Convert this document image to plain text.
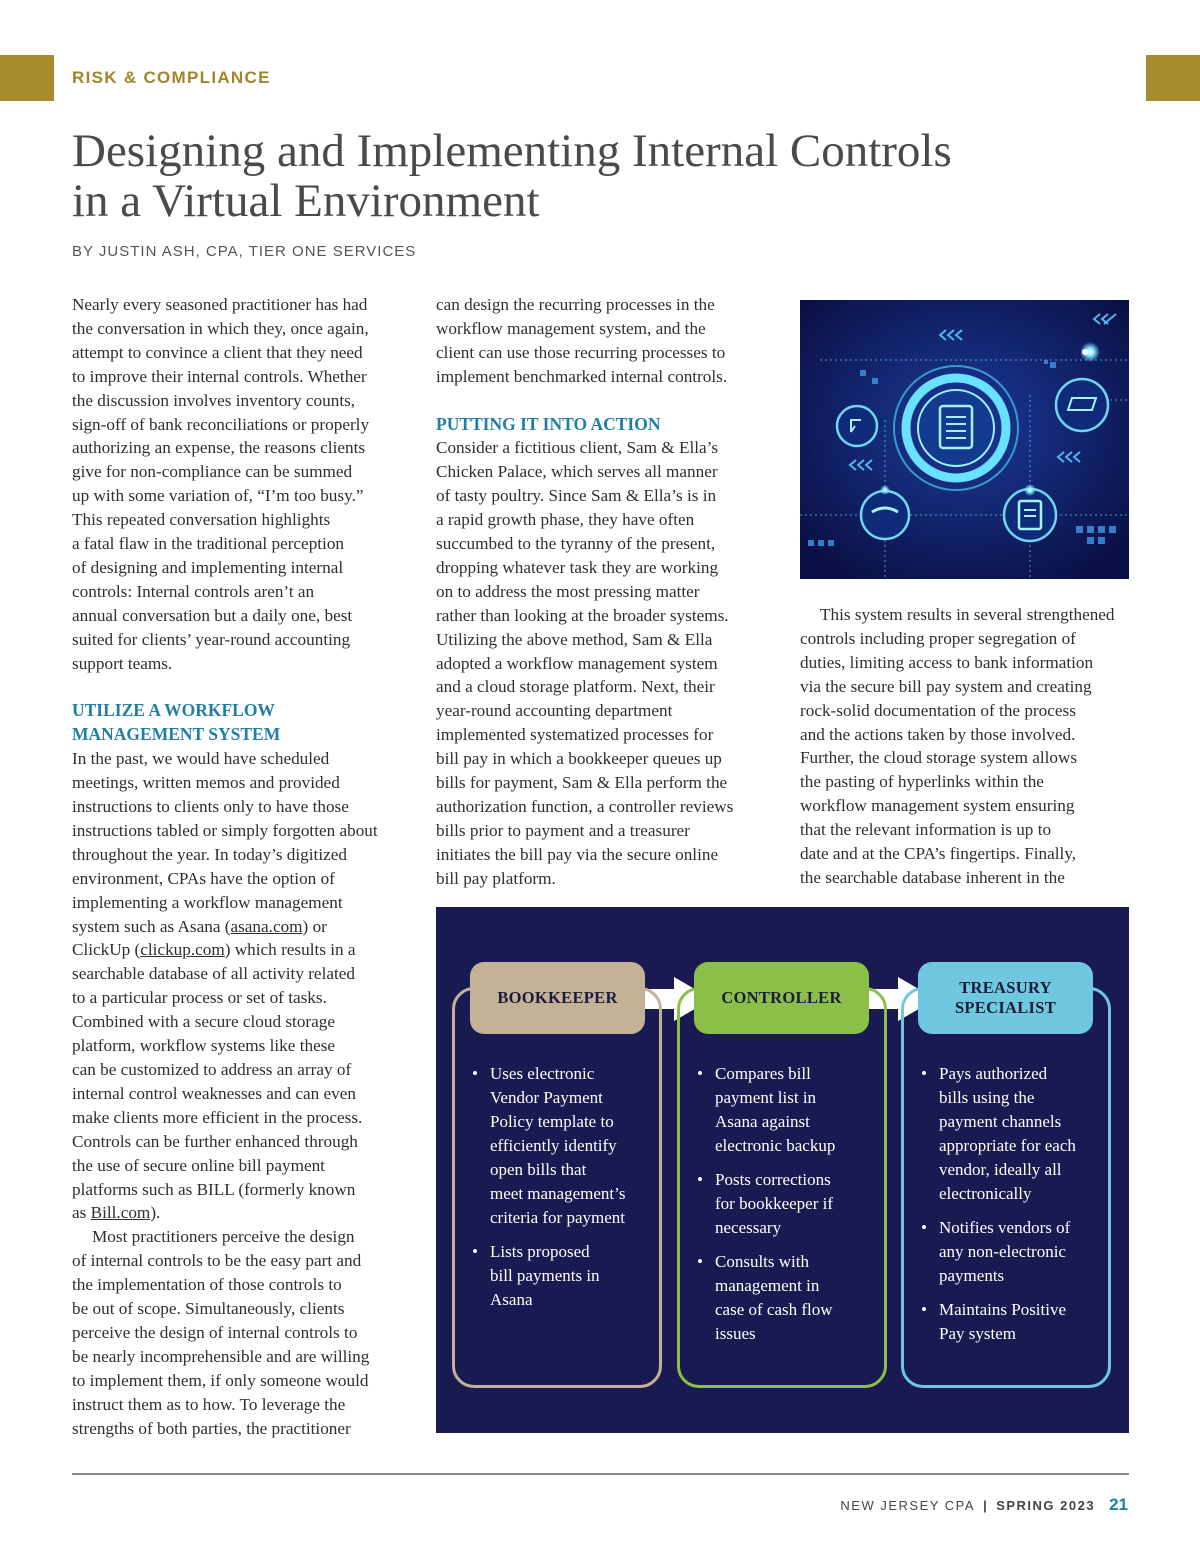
RISK & COMPLIANCE
Designing and Implementing Internal Controls
in a Virtual Environment
BY JUSTIN ASH, CPA, TIER ONE SERVICES

Nearly every seasoned practitioner has had
the conversation in which they, once again,
attempt to convince a client that they need
to improve their internal controls. Whether
the discussion involves inventory counts,
sign-off of bank reconciliations or properly
authorizing an expense, the reasons clients
give for non-compliance can be summed
up with some variation of, “I’m too busy.”
This repeated conversation highlights
a fatal flaw in the traditional perception
of designing and implementing internal
controls: Internal controls aren’t an
annual conversation but a daily one, best
suited for clients’ year-round accounting
support teams.

UTILIZE A WORKFLOW
MANAGEMENT SYSTEM

In the past, we would have scheduled
meetings, written memos and provided
instructions to clients only to have those
instructions tabled or simply forgotten about
throughout the year. In today’s digitized
environment, CPAs have the option of
implementing a workflow management
system such as Asana (asana.com) or
ClickUp (clickup.com) which results in a
searchable database of all activity related
to a particular process or set of tasks.
Combined with a secure cloud storage
platform, workflow systems like these
can be customized to address an array of
internal control weaknesses and can even
make clients more efficient in the process.
Controls can be further enhanced through
the use of secure online bill payment
platforms such as BILL (formerly known
as Bill.com).

Most practitioners perceive the design
of internal controls to be the easy part and
the implementation of those controls to
be out of scope. Simultaneously, clients
perceive the design of internal controls to
be nearly incomprehensible and are willing
to implement them, if only someone would
instruct them as to how. To leverage the
strengths of both parties, the practitioner

can design the recurring processes in the
workflow management system, and the
client can use those recurring processes to
implement benchmarked internal controls.

PUTTING IT INTO ACTION

Consider a fictitious client, Sam & Ella’s
Chicken Palace, which serves all manner
of tasty poultry. Since Sam & Ella’s is in
a rapid growth phase, they have often
succumbed to the tyranny of the present,
dropping whatever task they are working
on to address the most pressing matter
rather than looking at the broader systems.
Utilizing the above method, Sam & Ella
adopted a workflow management system
and a cloud storage platform. Next, their
year-round accounting department
implemented systematized processes for
bill pay in which a bookkeeper queues up
bills for payment, Sam & Ella perform the
authorization function, a controller reviews
bills prior to payment and a treasurer
initiates the bill pay via the secure online
bill pay platform.

This system results in several strengthened
controls including proper segregation of
duties, limiting access to bank information
via the secure bill pay system and creating
rock-solid documentation of the process
and the actions taken by those involved.
Further, the cloud storage system allows
the pasting of hyperlinks within the
workflow management system ensuring
that the relevant information is up to
date and at the CPA’s fingertips. Finally,
the searchable database inherent in the

BOOKKEEPER
• Uses electronic
Vendor Payment
Policy template to
efficiently identify
open bills that
meet management’s
criteria for payment
• Lists proposed
bill payments in
Asana
CONTROLLER
• Compares bill
payment list in
Asana against
electronic backup
• Posts corrections
for bookkeeper if
necessary
• Consults with
management in
case of cash flow
issues
TREASURY
SPECIALIST
• Pays authorized
bills using the
payment channels
appropriate for each
vendor, ideally all
electronically
• Notifies vendors of
any non-electronic
payments
• Maintains Positive
Pay system
NEW JERSEY CPA | SPRING 2023 21
